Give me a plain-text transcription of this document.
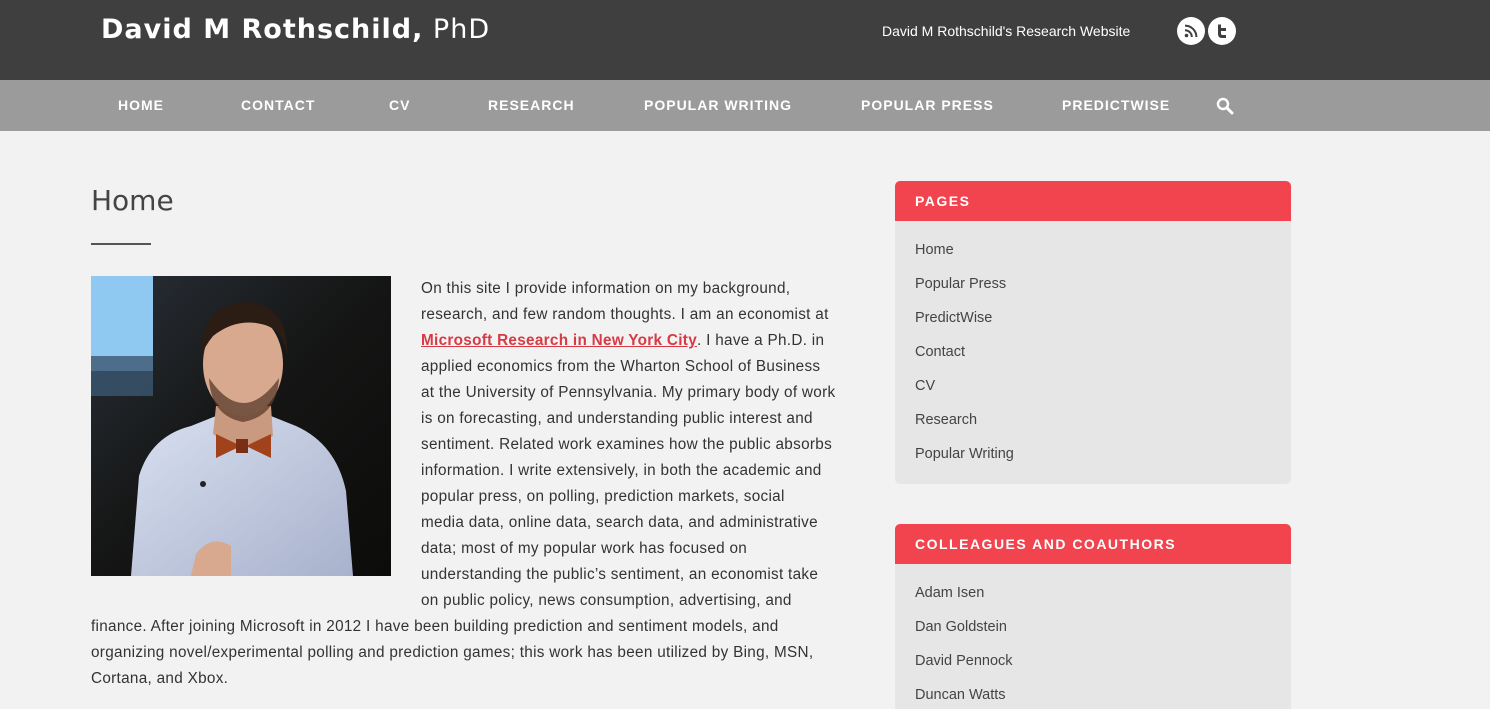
David M Rothschild, PhD	David M Rothschild's Research Website
HOME	CONTACT	CV	RESEARCH	POPULAR WRITING	POPULAR PRESS	PREDICTWISE
Home
On this site I provide information on my background,
research, and few random thoughts. I am an economist at
Microsoft Research in New York City. I have a Ph.D. in
applied economics from the Wharton School of Business
at the University of Pennsylvania. My primary body of work
is on forecasting, and understanding public interest and
sentiment. Related work examines how the public absorbs
information. I write extensively, in both the academic and
popular press, on polling, prediction markets, social
media data, online data, search data, and administrative
data; most of my popular work has focused on
understanding the public’s sentiment, an economist take
on public policy, news consumption, advertising, and
finance. After joining Microsoft in 2012 I have been building prediction and sentiment models, and
organizing novel/experimental polling and prediction games; this work has been utilized by Bing, MSN,
Cortana, and Xbox.
PAGES
Home
Popular Press
PredictWise
Contact
CV
Research
Popular Writing
COLLEAGUES AND COAUTHORS
Adam Isen
Dan Goldstein
David Pennock
Duncan Watts
